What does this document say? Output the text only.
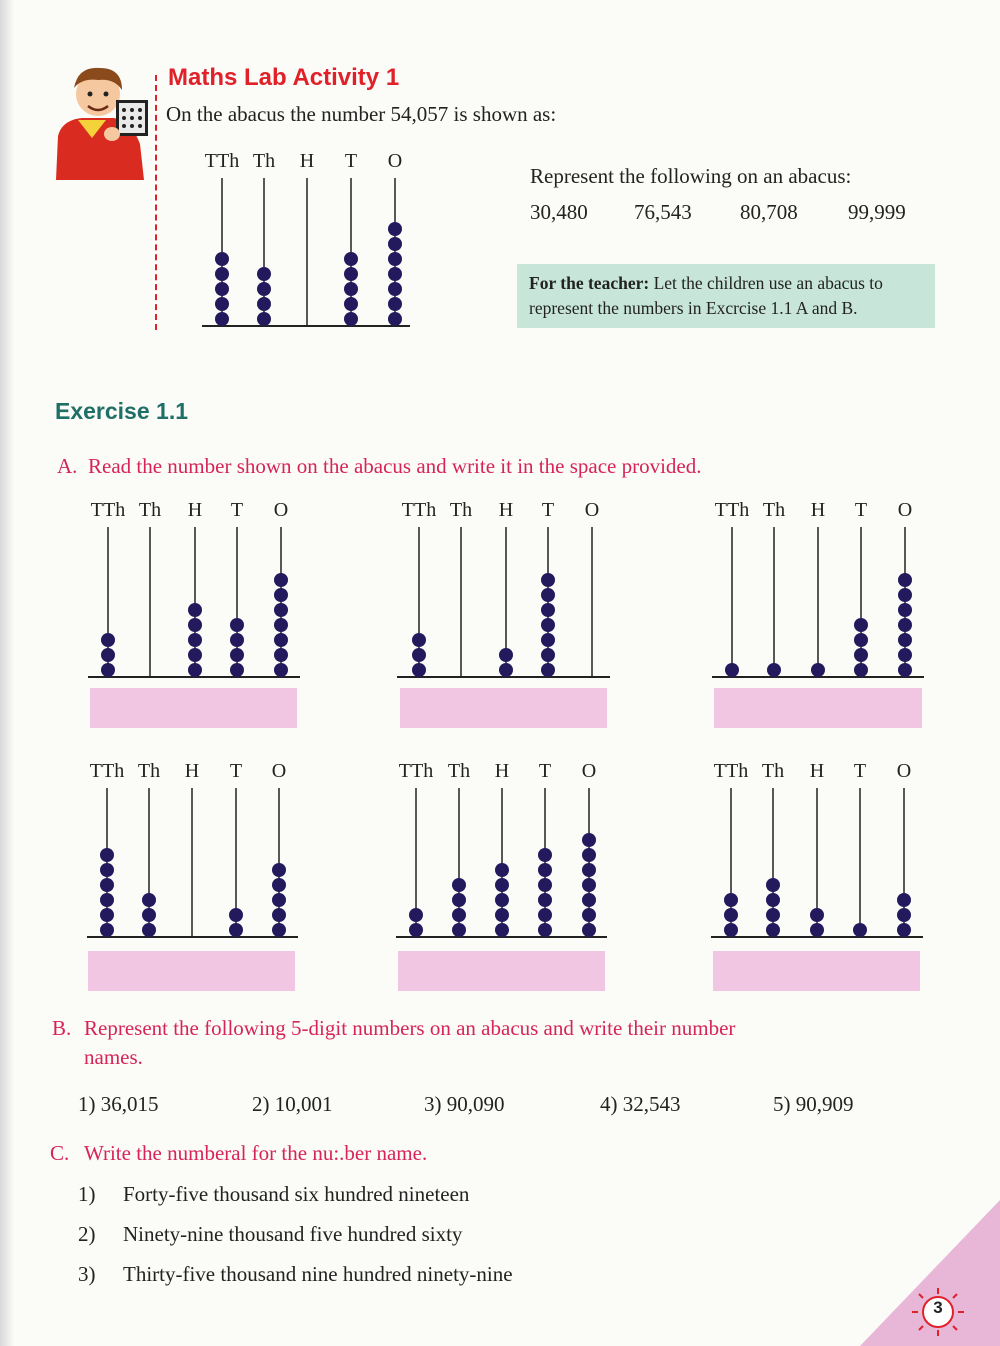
Maths Lab Activity 1
On the abacus the number 54,057 is shown as:
TTh Th H T O
Represent the following on an abacus:
30,480 76,543 80,708 99,999
For the teacher: Let the children use an abacus to represent the numbers in Excrcise 1.1 A and B.
Exercise 1.1
A. Read the number shown on the abacus and write it in the space provided.
TTh Th H T O	TTh Th H T O	TTh Th H T O
TTh Th H T O	TTh Th H T O	TTh Th H T O
B. Represent the following 5-digit numbers on an abacus and write their number
names.
1) 36,015	2) 10,001	3) 90,090	4) 32,543	5) 90,909
C. Write the numberal for the nu:.ber name.
1) Forty-five thousand six hundred nineteen
2) Ninety-nine thousand five hundred sixty
3) Thirty-five thousand nine hundred ninety-nine
3
